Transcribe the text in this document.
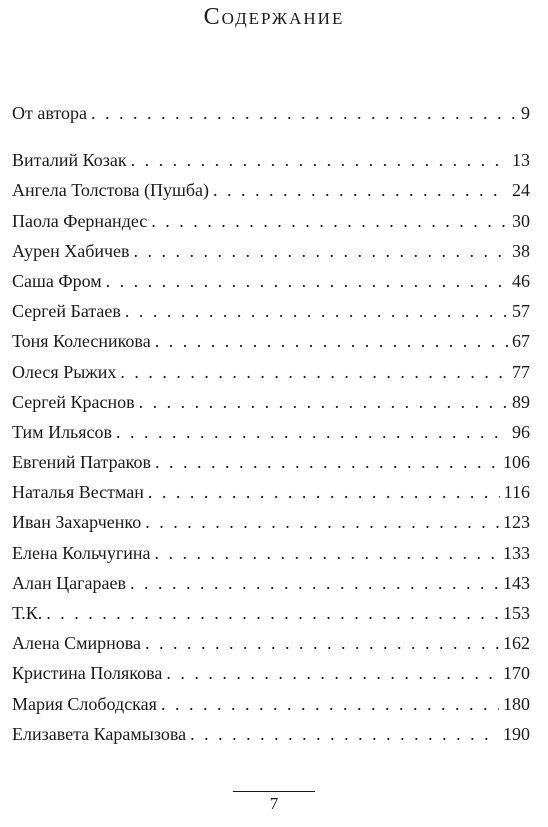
Содержание
От автора . . .	9
Виталий Козак . . .	13
Ангела Толстова (Пушба) . . .	24
Паола Фернандес . . .	30
Аурен Хабичев . . .	38
Саша Фром . . .	46
Сергей Батаев . . .	57
Тоня Колесникова . . .	67
Олеся Рыжих . . .	77
Сергей Краснов . . .	89
Тим Ильясов . . .	96
Евгений Патраков . . .	106
Наталья Вестман . . .	116
Иван Захарченко . . .	123
Елена Кольчугина . . .	133
Алан Цагараев . . .	143
Т.К. . . .	153
Алена Смирнова . . .	162
Кристина Полякова . . .	170
Мария Слободская . . .	180
Елизавета Карамызова . . .	190
7
